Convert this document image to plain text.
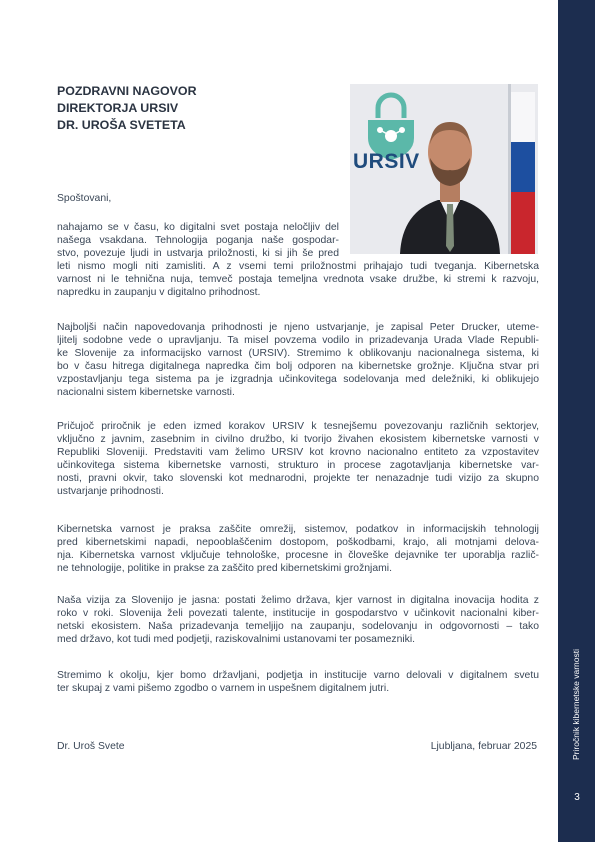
Priročnik kibernetske varnosti
3
POZDRAVNI NAGOVOR
DIREKTORJA URSIV
DR. UROŠA SVETETA
URSIV
Spoštovani,
nahajamo se v času, ko digitalni svet postaja neločljiv del
našega vsakdana. Tehnologija poganja naše gospodar-
stvo, povezuje ljudi in ustvarja priložnosti, ki si jih še pred
leti nismo mogli niti zamisliti. A z vsemi temi priložnostmi prihajajo tudi tveganja. Kibernetska
varnost ni le tehnična nuja, temveč postaja temeljna vrednota vsake družbe, ki stremi k razvoju,
napredku in zaupanju v digitalno prihodnost.
Najboljši način napovedovanja prihodnosti je njeno ustvarjanje, je zapisal Peter Drucker, uteme-
ljitelj sodobne vede o upravljanju. Ta misel povzema vodilo in prizadevanja Urada Vlade Republi-
ke Slovenije za informacijsko varnost (URSIV). Stremimo k oblikovanju nacionalnega sistema, ki
bo v času hitrega digitalnega napredka čim bolj odporen na kibernetske grožnje. Ključna stvar pri
vzpostavljanju tega sistema pa je izgradnja učinkovitega sodelovanja med deležniki, ki oblikujejo
nacionalni sistem kibernetske varnosti.
Pričujoč priročnik je eden izmed korakov URSIV k tesnejšemu povezovanju različnih sektorjev,
vključno z javnim, zasebnim in civilno družbo, ki tvorijo živahen ekosistem kibernetske varnosti v
Republiki Sloveniji. Predstaviti vam želimo URSIV kot krovno nacionalno entiteto za vzpostavitev
učinkovitega sistema kibernetske varnosti, strukturo in procese zagotavljanja kibernetske var-
nosti, pravni okvir, tako slovenski kot mednarodni, projekte ter nenazadnje tudi vizijo za skupno
ustvarjanje prihodnosti.
Kibernetska varnost je praksa zaščite omrežij, sistemov, podatkov in informacijskih tehnologij
pred kibernetskimi napadi, nepooblaščenim dostopom, poškodbami, krajo, ali motnjami delova-
nja. Kibernetska varnost vključuje tehnološke, procesne in človeške dejavnike ter uporablja različ-
ne tehnologije, politike in prakse za zaščito pred kibernetskimi grožnjami.
Naša vizija za Slovenijo je jasna: postati želimo država, kjer varnost in digitalna inovacija hodita z
roko v roki. Slovenija želi povezati talente, institucije in gospodarstvo v učinkovit nacionalni kiber-
netski ekosistem. Naša prizadevanja temeljijo na zaupanju, sodelovanju in odgovornosti – tako
med državo, kot tudi med podjetji, raziskovalnimi ustanovami ter posamezniki.
Stremimo k okolju, kjer bomo državljani, podjetja in institucije varno delovali v digitalnem svetu
ter skupaj z vami pišemo zgodbo o varnem in uspešnem digitalnem jutri.
Dr. Uroš Svete	Ljubljana, februar 2025
